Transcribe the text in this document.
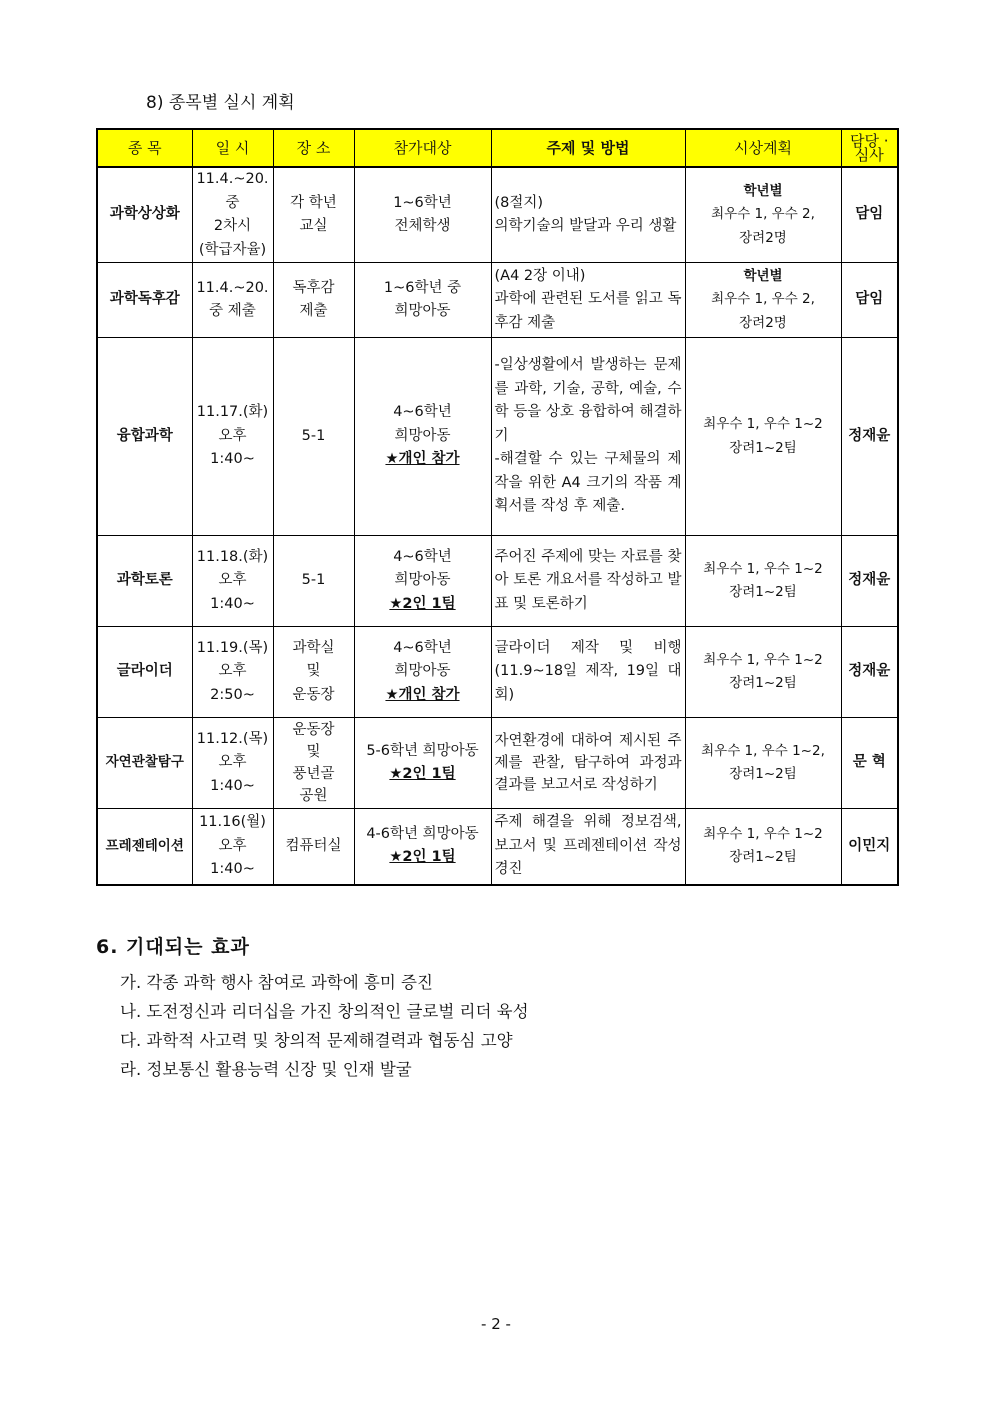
8) 종목별 실시 계획
종 목	일 시	장 소	참가대상	주제 및 방법	시상계획	담당 ·
심사
과학상상화	11.4.~20.
중
2차시
(학급자율)	각 학년
교실	1~6학년
전체학생	(8절지)
의학기술의 발달과 우리 생활	학년별
최우수 1, 우수 2,
장려2명	담임
과학독후감	11.4.~20.
중 제출	독후감
제출	1~6학년 중
희망아동	(A4 2장 이내)
과학에 관련된 도서를 읽고 독후감 제출	학년별
최우수 1, 우수 2,
장려2명	담임
융합과학	11.17.(화)
오후
1:40~	5-1	4~6학년
희망아동
★개인 참가	-일상생활에서 발생하는 문제를 과학, 기술, 공학, 예술, 수학 등을 상호 융합하여 해결하기
-해결할 수 있는 구체물의 제작을 위한 A4 크기의 작품 계획서를 작성 후 제출.	최우수 1, 우수 1~2
장려1~2팀	정재윤
과학토론	11.18.(화)
오후
1:40~	5-1	4~6학년
희망아동
★2인 1팀	주어진 주제에 맞는 자료를 찾아 토론 개요서를 작성하고 발표 및 토론하기	최우수 1, 우수 1~2
장려1~2팀	정재윤
글라이더	11.19.(목)
오후
2:50~	과학실
및
운동장	4~6학년
희망아동
★개인 참가	글라이더 제작 및 비행 (11.9~18일 제작, 19일 대회)	최우수 1, 우수 1~2
장려1~2팀	정재윤
자연관찰탐구	11.12.(목)
오후
1:40~	운동장
및
풍년골
공원	5-6학년 희망아동
★2인 1팀	자연환경에 대하여 제시된 주제를 관찰, 탐구하여 과정과 결과를 보고서로 작성하기	최우수 1, 우수 1~2,
장려1~2팀	문 혁
프레젠테이션	11.16(월)
오후
1:40~	컴퓨터실	4-6학년 희망아동
★2인 1팀	주제 해결을 위해 정보검색, 보고서 및 프레젠테이션 작성 경진	최우수 1, 우수 1~2
장려1~2팀	이민지
6. 기대되는 효과
가. 각종 과학 행사 참여로 과학에 흥미 증진
나. 도전정신과 리더십을 가진 창의적인 글로벌 리더 육성
다. 과학적 사고력 및 창의적 문제해결력과 협동심 고양
라. 정보통신 활용능력 신장 및 인재 발굴
- 2 -
